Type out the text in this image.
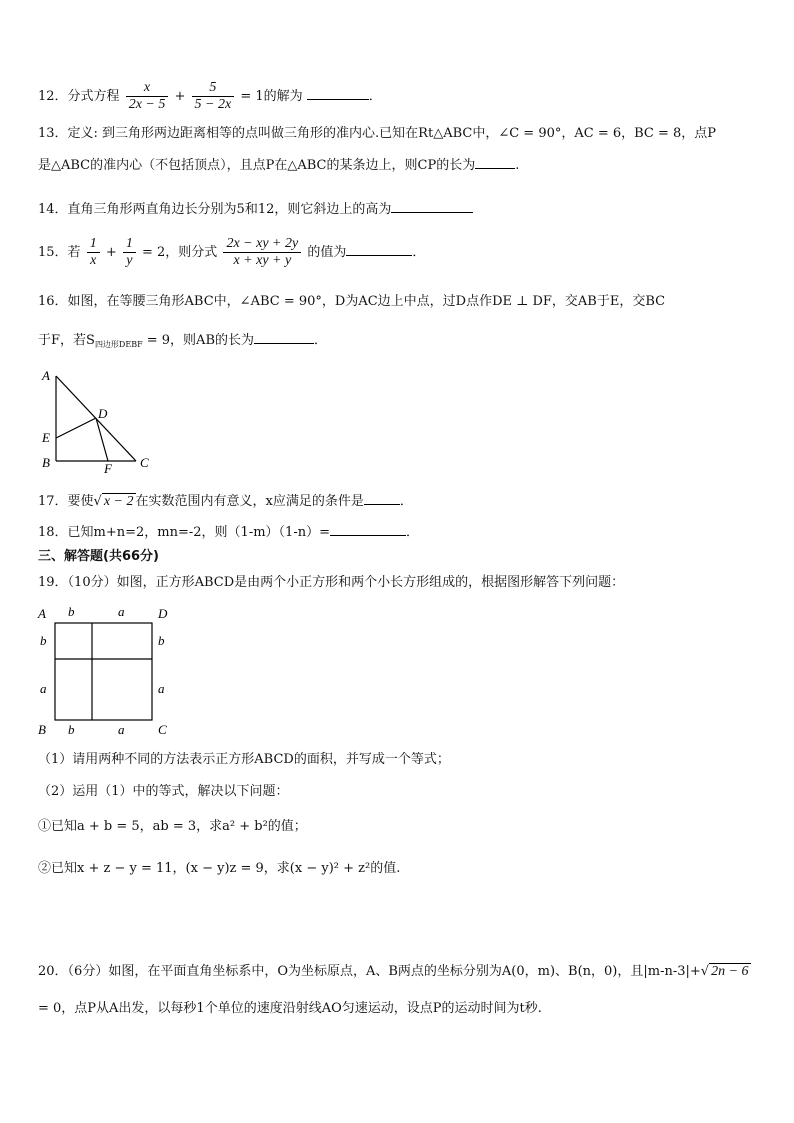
12．分式方程 $\frac{x}{2x - 5} + \frac{5}{5 - 2x} = 1$的解为	．
13．定义: 到三角形两边距离相等的点叫做三角形的准内心.已知在Rt△ABC中，∠C = 90°，AC = 6，BC = 8，点P
是△ABC的准内心（不包括顶点），且点P在△ABC的某条边上，则CP的长为	.
14．直角三角形两直角边长分别为5和12，则它斜边上的高为
15．若 $\frac{1}{x} + \frac{1}{y} = 2$，则分式 $\frac{2x - xy + 2y}{x + xy + y}$ 的值为	．
16．如图，在等腰三角形ABC中，∠ABC = 90°，D为AC边上中点，过D点作DE ⊥ DF，交AB于E，交BC
于F，若$S_{四边形DEBF} = 9$，则AB的长为	．
A
B	C
D
E
F
17．要使√ x − 2 在实数范围内有意义，x应满足的条件是	．
18．已知m+n=2，mn=-2，则（1-m）（1-n）=	．
三、解答题(共66分)
19．（10分）如图，正方形ABCD是由两个小正方形和两个小长方形组成的，根据图形解答下列问题：
A	D
B	C
b	a
b	a
b
a
b
a
（1）请用两种不同的方法表示正方形ABCD的面积，并写成一个等式；
（2）运用（1）中的等式，解决以下问题：
①已知a + b = 5，ab = 3，求a² + b²的值；
②已知x + z − y = 11，(x − y)z = 9，求(x − y)² + z²的值.
20．（6分）如图，在平面直角坐标系中，O为坐标原点，A、B两点的坐标分别为A(0，m)、B(n，0)，且|m-n-3|+√ 2n − 6
= 0，点P从A出发，以每秒1个单位的速度沿射线AO匀速运动，设点P的运动时间为t秒.
